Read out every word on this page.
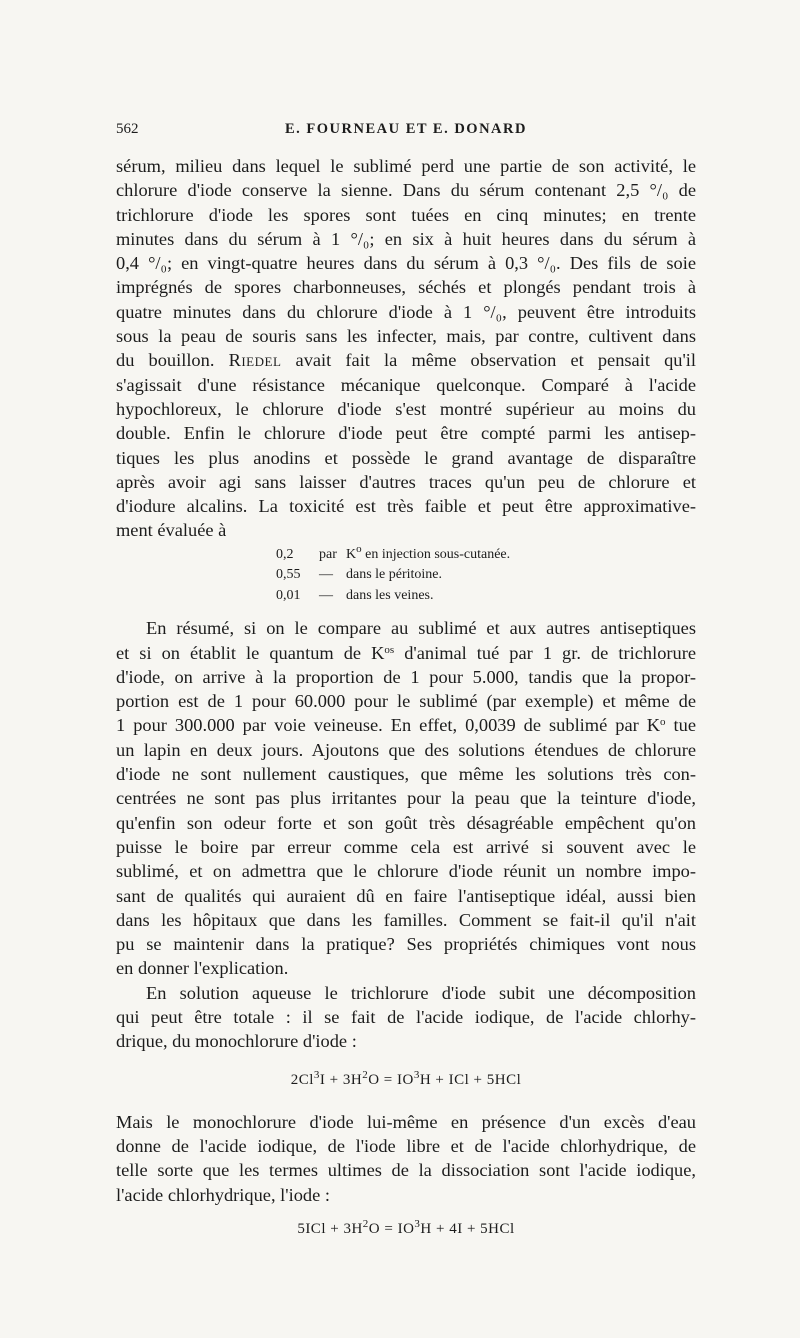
562	E. FOURNEAU ET E. DONARD
sérum, milieu dans lequel le sublimé perd une partie de son activité, le
chlorure d'iode conserve la sienne. Dans du sérum contenant 2,5 °/₀ de
trichlorure d'iode les spores sont tuées en cinq minutes; en trente
minutes dans du sérum à 1 °/₀; en six à huit heures dans du sérum à
0,4 °/₀; en vingt-quatre heures dans du sérum à 0,3 °/₀. Des fils de soie
imprégnés de spores charbonneuses, séchés et plongés pendant trois à
quatre minutes dans du chlorure d'iode à 1 °/₀, peuvent être introduits
sous la peau de souris sans les infecter, mais, par contre, cultivent dans
du bouillon. Riedel avait fait la même observation et pensait qu'il
s'agissait d'une résistance mécanique quelconque. Comparé à l'acide
hypochloreux, le chlorure d'iode s'est montré supérieur au moins du
double. Enfin le chlorure d'iode peut être compté parmi les antisep-
tiques les plus anodins et possède le grand avantage de disparaître
après avoir agi sans laisser d'autres traces qu'un peu de chlorure et
d'iodure alcalins. La toxicité est très faible et peut être approximative-
ment évaluée à
0,2	par	$K^o$ en injection sous-cutanée.
0,55	—	dans le péritoine.
0,01	—	dans les veines.
En résumé, si on le compare au sublimé et aux autres antiseptiques
et si on établit le quantum de $K^{os}$ d'animal tué par 1 gr. de trichlorure
d'iode, on arrive à la proportion de 1 pour 5.000, tandis que la propor-
portion est de 1 pour 60.000 pour le sublimé (par exemple) et même de
1 pour 300.000 par voie veineuse. En effet, 0,0039 de sublimé par $K^o$ tue
un lapin en deux jours. Ajoutons que des solutions étendues de chlorure
d'iode ne sont nullement caustiques, que même les solutions très con-
centrées ne sont pas plus irritantes pour la peau que la teinture d'iode,
qu'enfin son odeur forte et son goût très désagréable empêchent qu'on
puisse le boire par erreur comme cela est arrivé si souvent avec le
sublimé, et on admettra que le chlorure d'iode réunit un nombre impo-
sant de qualités qui auraient dû en faire l'antiseptique idéal, aussi bien
dans les hôpitaux que dans les familles. Comment se fait-il qu'il n'ait
pu se maintenir dans la pratique? Ses propriétés chimiques vont nous
en donner l'explication.
En solution aqueuse le trichlorure d'iode subit une décomposition
qui peut être totale : il se fait de l'acide iodique, de l'acide chlorhy-
drique, du monochlorure d'iode :
$2Cl^3I + 3H^2O = IO^3H$ + ICl + 5HCl
Mais le monochlorure d'iode lui-même en présence d'un excès d'eau
donne de l'acide iodique, de l'iode libre et de l'acide chlorhydrique, de
telle sorte que les termes ultimes de la dissociation sont l'acide iodique,
l'acide chlorhydrique, l'iode :
$5ICl + 3H^2O = IO^3H + 4I + 5HCl$
